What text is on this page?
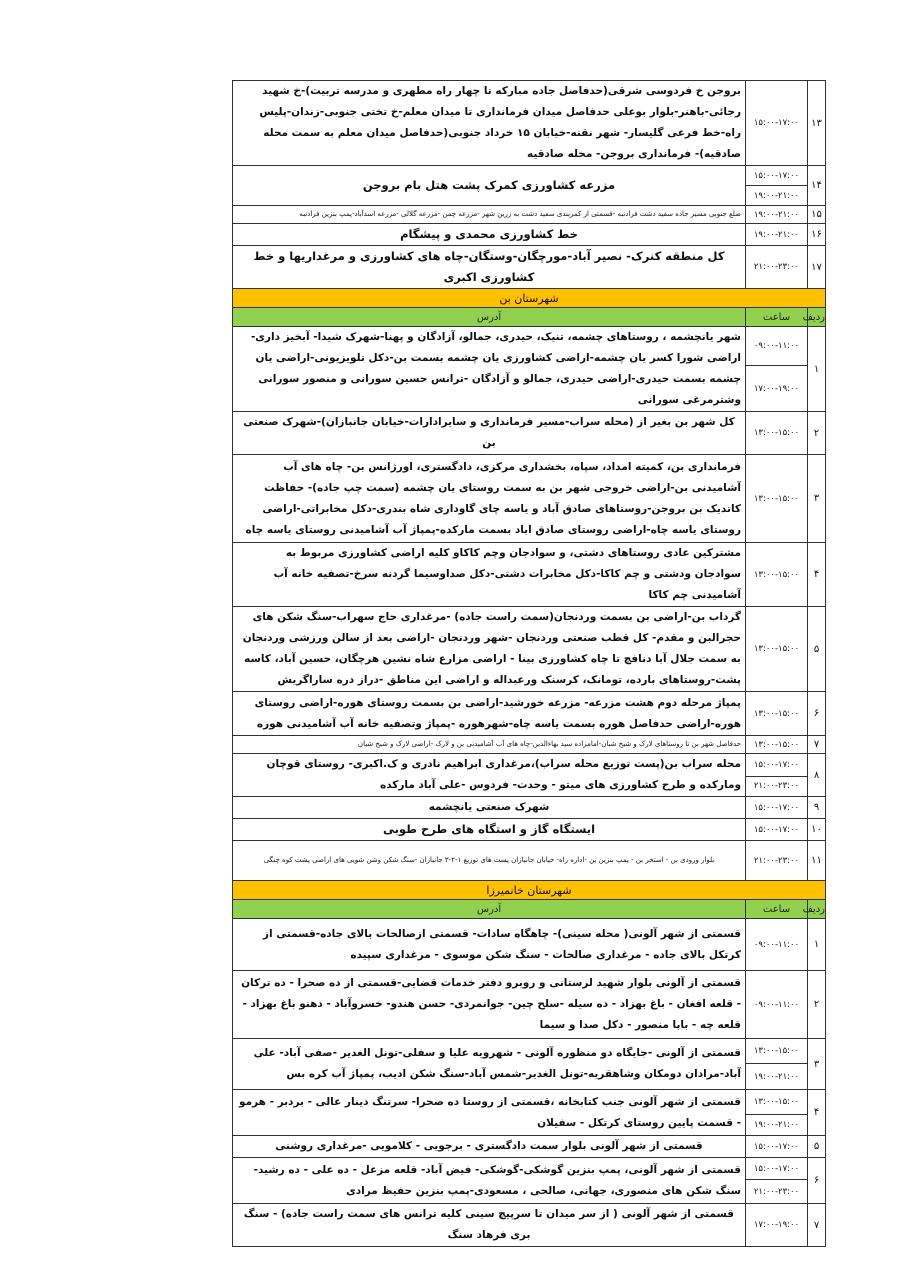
۱۳	۱۵:۰۰-۱۷:۰۰	بروجن خ فردوسی شرقی(حدفاصل جاده مبارکه تا چهار راه مطهری و مدرسه تربیت)-خ شهید رجائی-باهنر-بلوار بوعلی حدفاصل میدان فرمانداری تا میدان معلم-خ تختی جنوبی-زندان-پلیس راه-خط فرعی گلیسار- شهر نقنه-خیابان ۱۵ خرداد جنوبی(حدفاصل میدان معلم به سمت محله صادقیه)- فرمانداری بروجن- محله صادقیه
۱۴	۱۵:۰۰-۱۷:۰۰	مزرعه کشاورزی کمرک پشت هتل بام بروجن
	۱۹:۰۰-۲۱:۰۰	
۱۵	۱۹:۰۰-۲۱:۰۰	ضلع جنوبی مسیر جاده سفید دشت فرادنبه -قسمتی از کمربندی سفید دشت به زرین شهر -مزرعه چمن -مزرعه گلالی -مزرعه اسدآباد-پمپ بنزین فرادنبه
۱۶	۱۹:۰۰-۲۱:۰۰	خط کشاورزی محمدی و پیشگام
۱۷	۲۱:۰۰-۲۳:۰۰	کل منطقه کنرک- نصیر آباد-مورچگان-وستگان-چاه های کشاورزی و مرغداریها و خط کشاورزی اکبری
شهرستان بن		
ردیف	ساعت	آدرس
۱	۰۹:۰۰-۱۱:۰۰	شهر یانچشمه ، روستاهای چشمه، تنیک، حیدری، جمالو، آزادگان و پهنا-شهرک شیدا- آبخیز داری-اراضی شورا کسر یان چشمه-اراضی کشاورزی یان چشمه بسمت بن-دکل تلویزیونی-اراضی یان چشمه بسمت حیدری-اراضی حیدری، جمالو و آزادگان -ترانس حسین سورانی و منصور سورانی وشترمرغی سورانی
	۱۷:۰۰-۱۹:۰۰	
۲	۱۳:۰۰-۱۵:۰۰	کل شهر بن بغیر از (محله سراب-مسیر فرمانداری و سایرادارات-خیابان جانبازان)-شهرک صنعتی بن
۳	۱۳:۰۰-۱۵:۰۰	فرمانداری بن، کمیته امداد، سپاه، بخشداری مرکزی، دادگستری، اورژانس بن- چاه های آب آشامیدنی بن-اراضی خروجی شهر بن به سمت روستای یان چشمه (سمت چپ جاده)- حفاظت کاتدیک بن بروجن-روستاهای صادق آباد و یاسه چای گاوداری شاه بندری-دکل مخابراتی-اراضی روستای یاسه چاه-اراضی روستای صادق اباد بسمت مارکده-پمپاژ آب آشامیدنی روستای یاسه چاه
۴	۱۳:۰۰-۱۵:۰۰	مشترکین عادی روستاهای دشتی، و سوادجان وچم کاکاو کلیه اراضی کشاورزی مربوط به سوادجان ودشتی و چم کاکا-دکل مخابرات دشتی-دکل صداوسیما گردنه سرخ-تصفیه خانه آب آشامیدنی چم کاکا
۵	۱۳:۰۰-۱۵:۰۰	گرداب بن-اراضی بن بسمت وردنجان(سمت راست جاده) -مرغداری حاج سهراب-سنگ شکن های حجرالبن و مقدم- کل قطب صنعتی وردنجان -شهر وردنجان -اراضی بعد از سالن ورزشی وردنجان به سمت جلال آبا دنافچ تا چاه کشاورزی بینا - اراضی مزارع شاه نشین هرچگان، حسین آباد، کاسه پشت-روستاهای بارده، تومانک، کرسنک ورعبداله و اراضی این مناطق -دراز دره ساراگریش
۶	۱۳:۰۰-۱۵:۰۰	پمپاژ مرحله دوم هشت مزرعه- مزرعه خورشید-اراضی بن بسمت روستای هوره-اراضی روستای هوره-اراضی حدفاصل هوره بسمت یاسه چاه-شهرهوره -پمپاژ وتصفیه خانه آب آشامیدنی هوره
۷	۱۳:۰۰-۱۵:۰۰	حدفاصل شهر بن تا روستاهای لارک و شیخ شبان-امامزاده سید بهاءالدین-چاه های آب آشامیدنی بن و لارک -اراضی لارک و شیخ شبان
۸	۱۵:۰۰-۱۷:۰۰	محله سراب بن(پست توزیع محله سراب)،مرغداری ابراهیم نادری و ک.اکبری- روستای قوچان ومارکده و طرح کشاورزی های میتو - وحدت- فردوس -علی آباد مارکده
	۲۱:۰۰-۲۳:۰۰	
۹	۱۵:۰۰-۱۷:۰۰	شهرک صنعتی یانچشمه
۱۰	۱۵:۰۰-۱۷:۰۰	ایستگاه گاز و استگاه های طرح طوبی
۱۱	۲۱:۰۰-۲۳:۰۰	بلوار ورودی بن - استخر بن - پمپ بنزین بن -اداره راه- خیابان جانبازان پست های توزیع ۱-۲-۳ جانبازان -سنگ شکن وشن شویی های اراضی پشت کوه چنگی
شهرستان خانمیرزا		
ردیف	ساعت	آدرس
۱	۰۹:۰۰-۱۱:۰۰	قسمتی از شهر آلونی( محله سینی)- چاهگاه سادات- قسمتی ازصالحات بالای جاده-قسمتی از کرتکل بالای جاده - مرغداری صالحات - سنگ شکن موسوی - مرغداری سپیده
۲	۰۹:۰۰-۱۱:۰۰	قسمتی از آلونی بلوار شهید لرستانی و روبرو دفتر خدمات قضایی-قسمتی از ده صحرا - ده ترکان - قلعه افغان - باغ بهزاد - ده سیله -سلح چین- جوانمردی- حسن هندو- خسروآباد - دهنو باغ بهزاد - قلعه چه - بابا منصور - دکل صدا و سیما
۳	۱۳:۰۰-۱۵:۰۰	قسمتی از آلونی -جایگاه دو منظوره آلونی - شهرویه علیا و سفلی-تونل الغدیر -صفی آباد- علی آباد-مرادان دومکان وشاهقریه-تونل الغدیر-شمس آباد-سنگ شکن ادیب، پمپاژ آب کره بس
	۱۹:۰۰-۲۱:۰۰	
۴	۱۳:۰۰-۱۵:۰۰	قسمتی از شهر آلونی جنب کتابخانه ،قسمتی از روستا ده صحرا- سرتنگ دینار عالی - بردبر - هرمو - قسمت پایین روستای کرتکل - سفیلان
	۱۹:۰۰-۲۱:۰۰	
۵	۱۵:۰۰-۱۷:۰۰	قسمتی از شهر آلونی بلوار سمت دادگستری - برجویی - کلامویی -مرغداری روشنی
۶	۱۵:۰۰-۱۷:۰۰	قسمتی از شهر آلونی، پمپ بنزین گوشکی-گوشکی- فیض آباد- قلعه مزعل - ده علی - ده رشید- سنگ شکن های منصوری، جهانی، صالحی ، مسعودی-پمپ بنزین حفیظ مرادی
	۲۱:۰۰-۲۳:۰۰	
۷	۱۷:۰۰-۱۹:۰۰	قسمتی از شهر آلونی ( از سر میدان تا سرپیچ سینی کلیه ترانس های سمت راست جاده) - سنگ بری فرهاد سنگ
